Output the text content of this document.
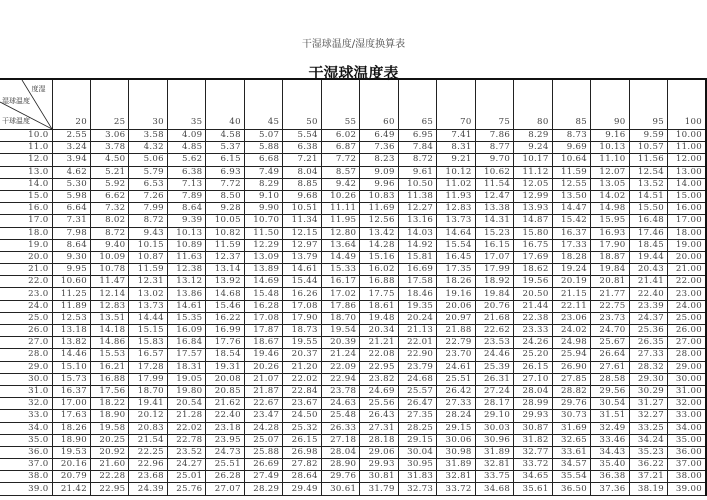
干湿球温度/湿度换算表
干湿球温度表
度湿
湿球温度
干球温度	20	25	30	35	40	45	50	55	60	65	70	75	80	85	90	95	100
10.0	2.55	3.06	3.58	4.09	4.58	5.07	5.54	6.02	6.49	6.95	7.41	7.86	8.29	8.73	9.16	9.59	10.00
11.0	3.24	3.78	4.32	4.85	5.37	5.88	6.38	6.87	7.36	7.84	8.31	8.77	9.24	9.69	10.13	10.57	11.00
12.0	3.94	4.50	5.06	5.62	6.15	6.68	7.21	7.72	8.23	8.72	9.21	9.70	10.17	10.64	11.10	11.56	12.00
13.0	4.62	5.21	5.79	6.38	6.93	7.49	8.04	8.57	9.09	9.61	10.12	10.62	11.12	11.59	12.07	12.54	13.00
14.0	5.30	5.92	6.53	7.13	7.72	8.29	8.85	9.42	9.96	10.50	11.02	11.54	12.05	12.55	13.05	13.52	14.00
15.0	5.98	6.62	7.26	7.89	8.50	9.10	9.68	10.26	10.83	11.38	11.93	12.47	12.99	13.50	14.02	14.51	15.00
16.0	6.64	7.32	7.99	8.64	9.28	9.90	10.51	11.11	11.69	12.27	12.83	13.38	13.93	14.47	14.98	15.50	16.00
17.0	7.31	8.02	8.72	9.39	10.05	10.70	11.34	11.95	12.56	13.16	13.73	14.31	14.87	15.42	15.95	16.48	17.00
18.0	7.98	8.72	9.43	10.13	10.82	11.50	12.15	12.80	13.42	14.03	14.64	15.23	15.80	16.37	16.93	17.46	18.00
19.0	8.64	9.40	10.15	10.89	11.59	12.29	12.97	13.64	14.28	14.92	15.54	16.15	16.75	17.33	17.90	18.45	19.00
20.0	9.30	10.09	10.87	11.63	12.37	13.09	13.79	14.49	15.16	15.81	16.45	17.07	17.69	18.28	18.87	19.44	20.00
21.0	9.95	10.78	11.59	12.38	13.14	13.89	14.61	15.33	16.02	16.69	17.35	17.99	18.62	19.24	19.84	20.43	21.00
22.0	10.60	11.47	12.31	13.12	13.92	14.69	15.44	16.17	16.88	17.58	18.26	18.92	19.56	20.19	20.81	21.41	22.00
23.0	11.25	12.14	13.02	13.86	14.68	15.48	16.26	17.02	17.75	18.46	19.16	19.84	20.50	21.15	21.77	22.40	23.00
24.0	11.89	12.83	13.73	14.61	15.46	16.28	17.08	17.86	18.61	19.35	20.06	20.76	21.44	22.11	22.75	23.39	24.00
25.0	12.53	13.51	14.44	15.35	16.22	17.08	17.90	18.70	19.48	20.24	20.97	21.68	22.38	23.06	23.73	24.37	25.00
26.0	13.18	14.18	15.15	16.09	16.99	17.87	18.73	19.54	20.34	21.13	21.88	22.62	23.33	24.02	24.70	25.36	26.00
27.0	13.82	14.86	15.83	16.84	17.76	18.67	19.55	20.39	21.21	22.01	22.79	23.53	24.26	24.98	25.67	26.35	27.00
28.0	14.46	15.53	16.57	17.57	18.54	19.46	20.37	21.24	22.08	22.90	23.70	24.46	25.20	25.94	26.64	27.33	28.00
29.0	15.10	16.21	17.28	18.31	19.31	20.26	21.20	22.09	22.95	23.79	24.61	25.39	26.15	26.90	27.61	28.32	29.00
30.0	15.73	16.88	17.99	19.05	20.08	21.07	22.02	22.94	23.82	24.68	25.51	26.31	27.10	27.85	28.58	29.30	30.00
31.0	16.37	17.56	18.70	19.80	20.85	21.87	22.84	23.78	24.69	25.57	26.42	27.24	28.04	28.82	29.56	30.29	31.00
32.0	17.00	18.22	19.41	20.54	21.62	22.67	23.67	24.63	25.56	26.47	27.33	28.17	28.99	29.76	30.54	31.27	32.00
33.0	17.63	18.90	20.12	21.28	22.40	23.47	24.50	25.48	26.43	27.35	28.24	29.10	29.93	30.73	31.51	32.27	33.00
34.0	18.26	19.58	20.83	22.02	23.18	24.28	25.32	26.33	27.31	28.25	29.15	30.03	30.87	31.69	32.49	33.25	34.00
35.0	18.90	20.25	21.54	22.78	23.95	25.07	26.15	27.18	28.18	29.15	30.06	30.96	31.82	32.65	33.46	34.24	35.00
36.0	19.53	20.92	22.25	23.52	24.73	25.88	26.98	28.04	29.06	30.04	30.98	31.89	32.77	33.61	34.43	35.23	36.00
37.0	20.16	21.60	22.96	24.27	25.51	26.69	27.82	28.90	29.93	30.95	31.89	32.81	33.72	34.57	35.40	36.22	37.00
38.0	20.79	22.28	23.68	25.01	26.28	27.49	28.64	29.76	30.81	31.83	32.81	33.75	34.65	35.54	36.38	37.21	38.00
39.0	21.42	22.95	24.39	25.76	27.07	28.29	29.49	30.61	31.79	32.73	33.72	34.68	35.61	36.50	37.36	38.19	39.00
